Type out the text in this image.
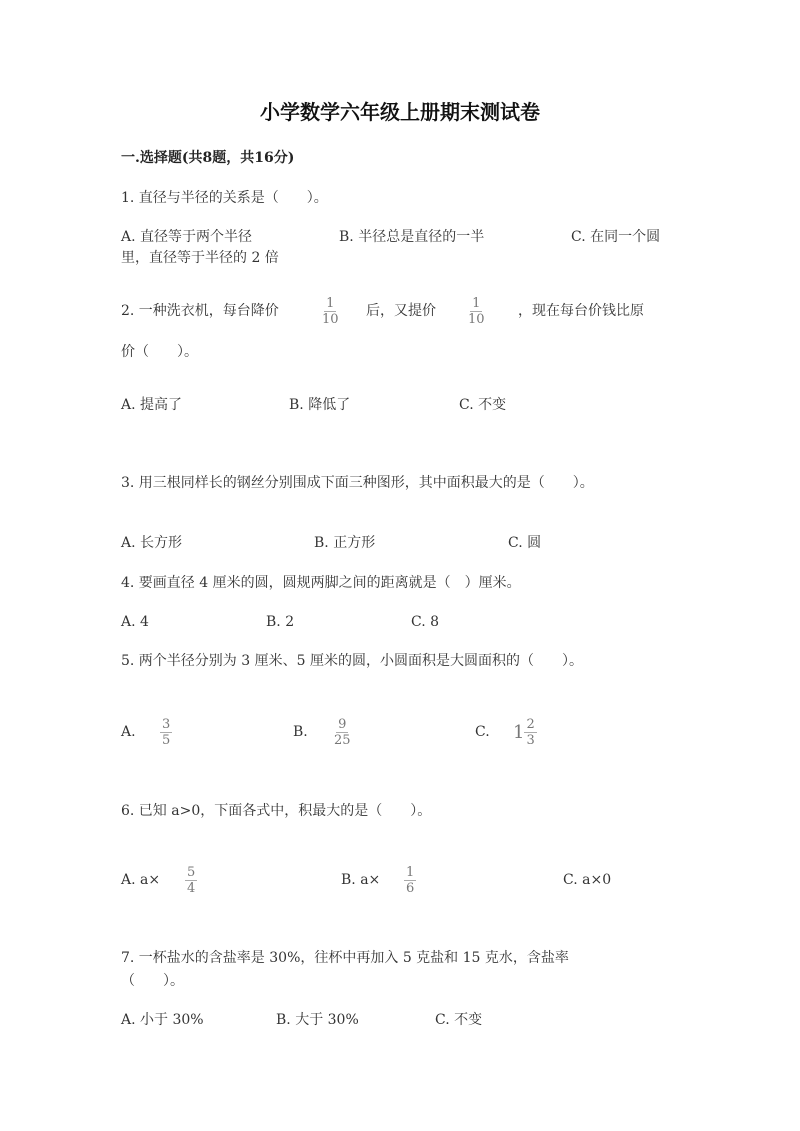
小学数学六年级上册期末测试卷
一.选择题(共8题，共16分)
1. 直径与半径的关系是（　　）。
A. 直径等于两个半径	B. 半径总是直径的一半	C. 在同一个圆
里，直径等于半径的 2 倍
2. 一种洗衣机，每台降价	$\frac{1}{10}$ 后，又提价 $\frac{1}{10}$ ，现在每台价钱比原
价（　　）。
A. 提高了	B. 降低了	C. 不变
3. 用三根同样长的钢丝分别围成下面三种图形，其中面积最大的是（　　）。
A. 长方形	B. 正方形	C. 圆
4. 要画直径 4 厘米的圆，圆规两脚之间的距离就是（　）厘米。
A. 4	B. 2	C. 8
5. 两个半径分别为 3 厘米、5 厘米的圆，小圆面积是大圆面积的（　　）。
A. $\frac{3}{5}$	B. $\frac{9}{25}$	C. $1 \frac{2}{3}$
6. 已知 a>0，下面各式中，积最大的是（　　）。
A. $a\times \frac{5}{4}$	B. $a\times \frac{1}{6}$	C. a×0
7. 一杯盐水的含盐率是 30%，往杯中再加入 5 克盐和 15 克水，含盐率
（　　）。
A. 小于 30%	B. 大于 30%	C. 不变
